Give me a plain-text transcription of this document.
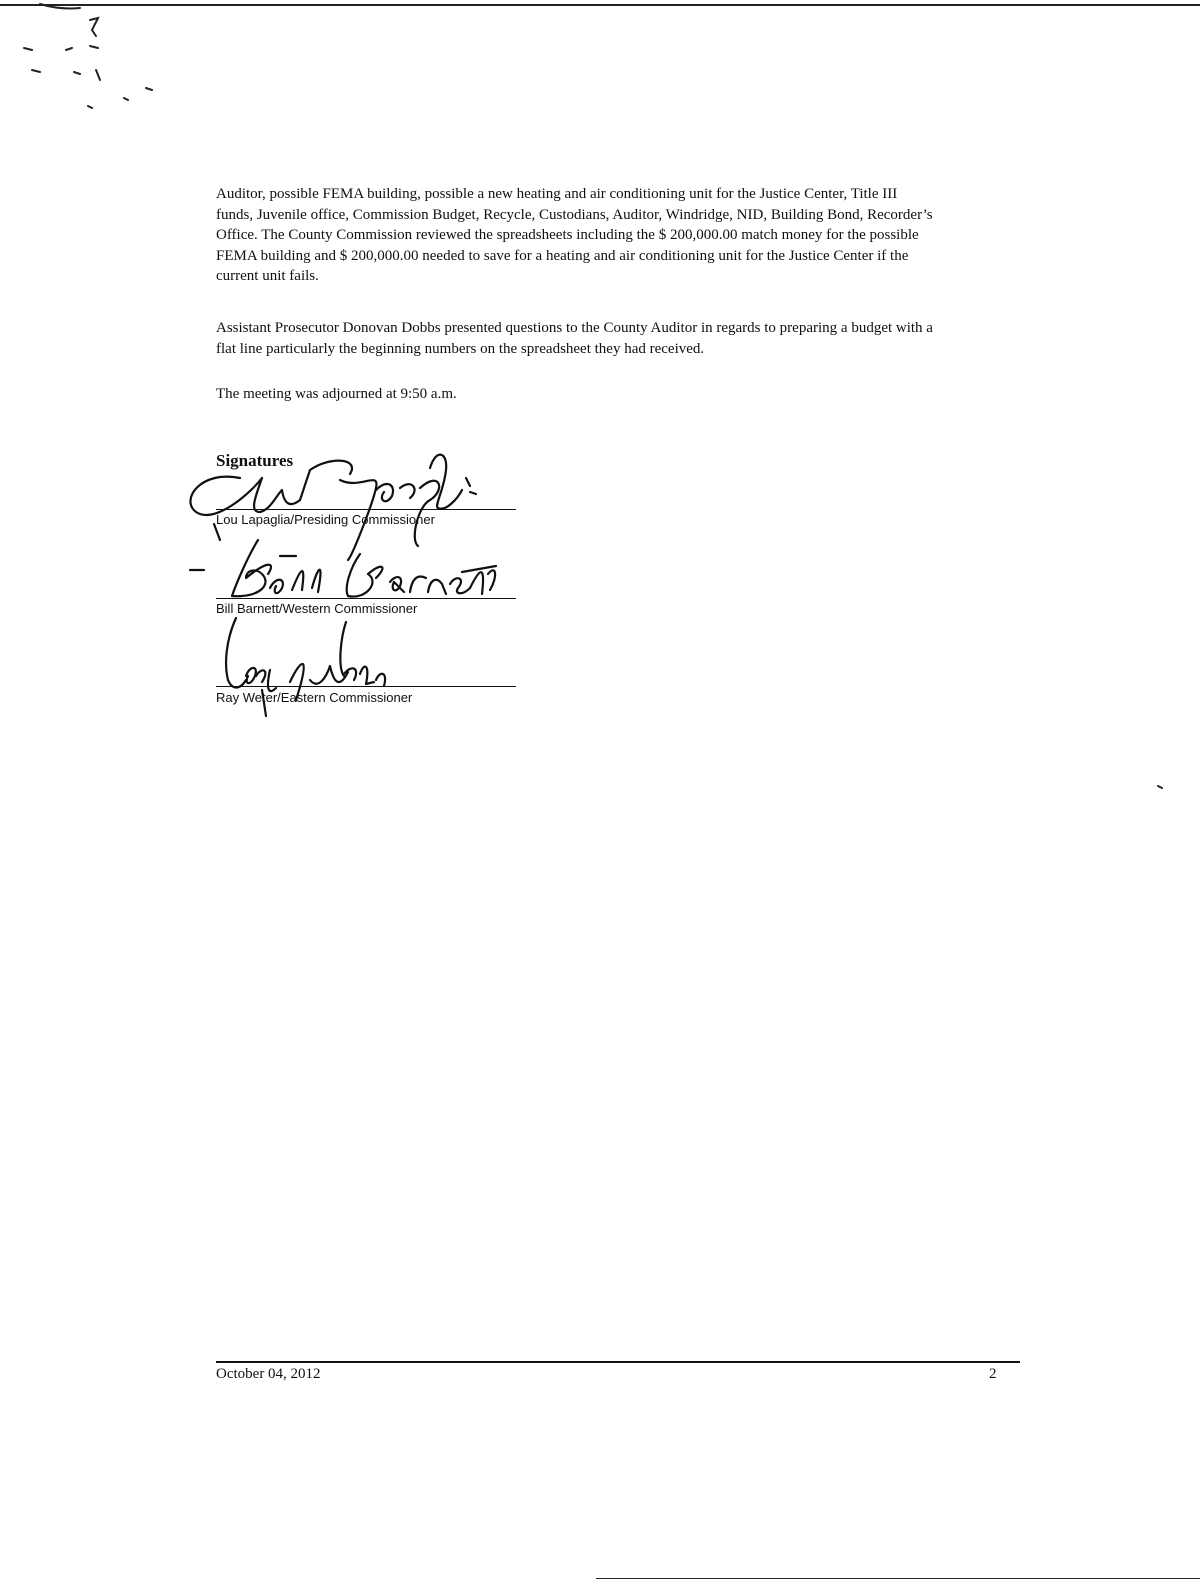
Auditor, possible FEMA building, possible a new heating and air conditioning unit for the Justice Center, Title III funds, Juvenile office, Commission Budget, Recycle, Custodians, Auditor, Windridge, NID, Building Bond, Recorder’s Office. The County Commission reviewed the spreadsheets including the $ 200,000.00 match money for the possible FEMA building and $ 200,000.00 needed to save for a heating and air conditioning unit for the Justice Center if the current unit fails.

Assistant Prosecutor Donovan Dobbs presented questions to the County Auditor in regards to preparing a budget with a flat line particularly the beginning numbers on the spreadsheet they had received.

The meeting was adjourned at 9:50 a.m.

Signatures
Lou Lapaglia/Presiding Commissioner
Bill Barnett/Western Commissioner
Ray Weter/Eastern Commissioner
October 04, 2012	2
